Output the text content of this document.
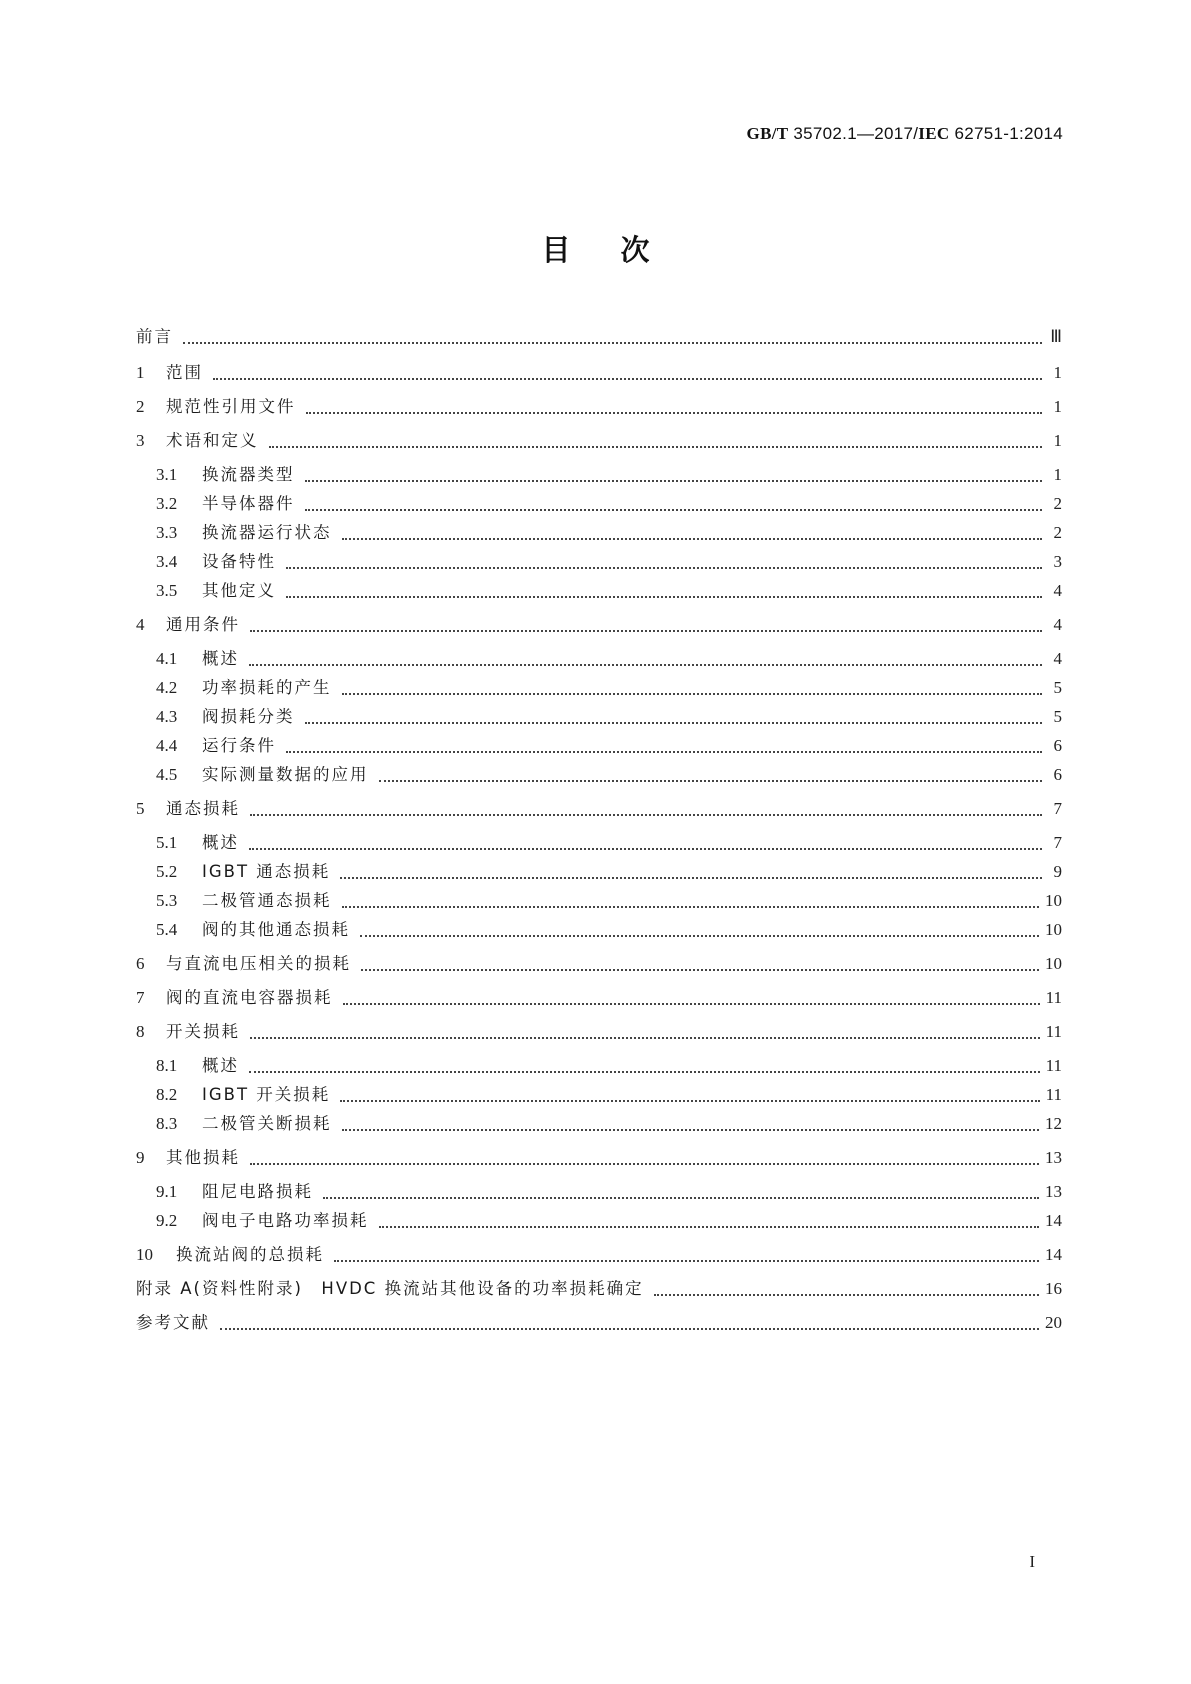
GB/T 35702.1—2017/IEC 62751-1:2014
目次
前言	Ⅲ
1	范围	1
2	规范性引用文件	1
3	术语和定义	1
3.1	换流器类型	1
3.2	半导体器件	2
3.3	换流器运行状态	2
3.4	设备特性	3
3.5	其他定义	4
4	通用条件	4
4.1	概述	4
4.2	功率损耗的产生	5
4.3	阀损耗分类	5
4.4	运行条件	6
4.5	实际测量数据的应用	6
5	通态损耗	7
5.1	概述	7
5.2	IGBT 通态损耗	9
5.3	二极管通态损耗	10
5.4	阀的其他通态损耗	10
6	与直流电压相关的损耗	10
7	阀的直流电容器损耗	11
8	开关损耗	11
8.1	概述	11
8.2	IGBT 开关损耗	11
8.3	二极管关断损耗	12
9	其他损耗	13
9.1	阻尼电路损耗	13
9.2	阀电子电路功率损耗	14
10	换流站阀的总损耗	14
附录 A(资料性附录)　HVDC 换流站其他设备的功率损耗确定	16
参考文献	20
I
